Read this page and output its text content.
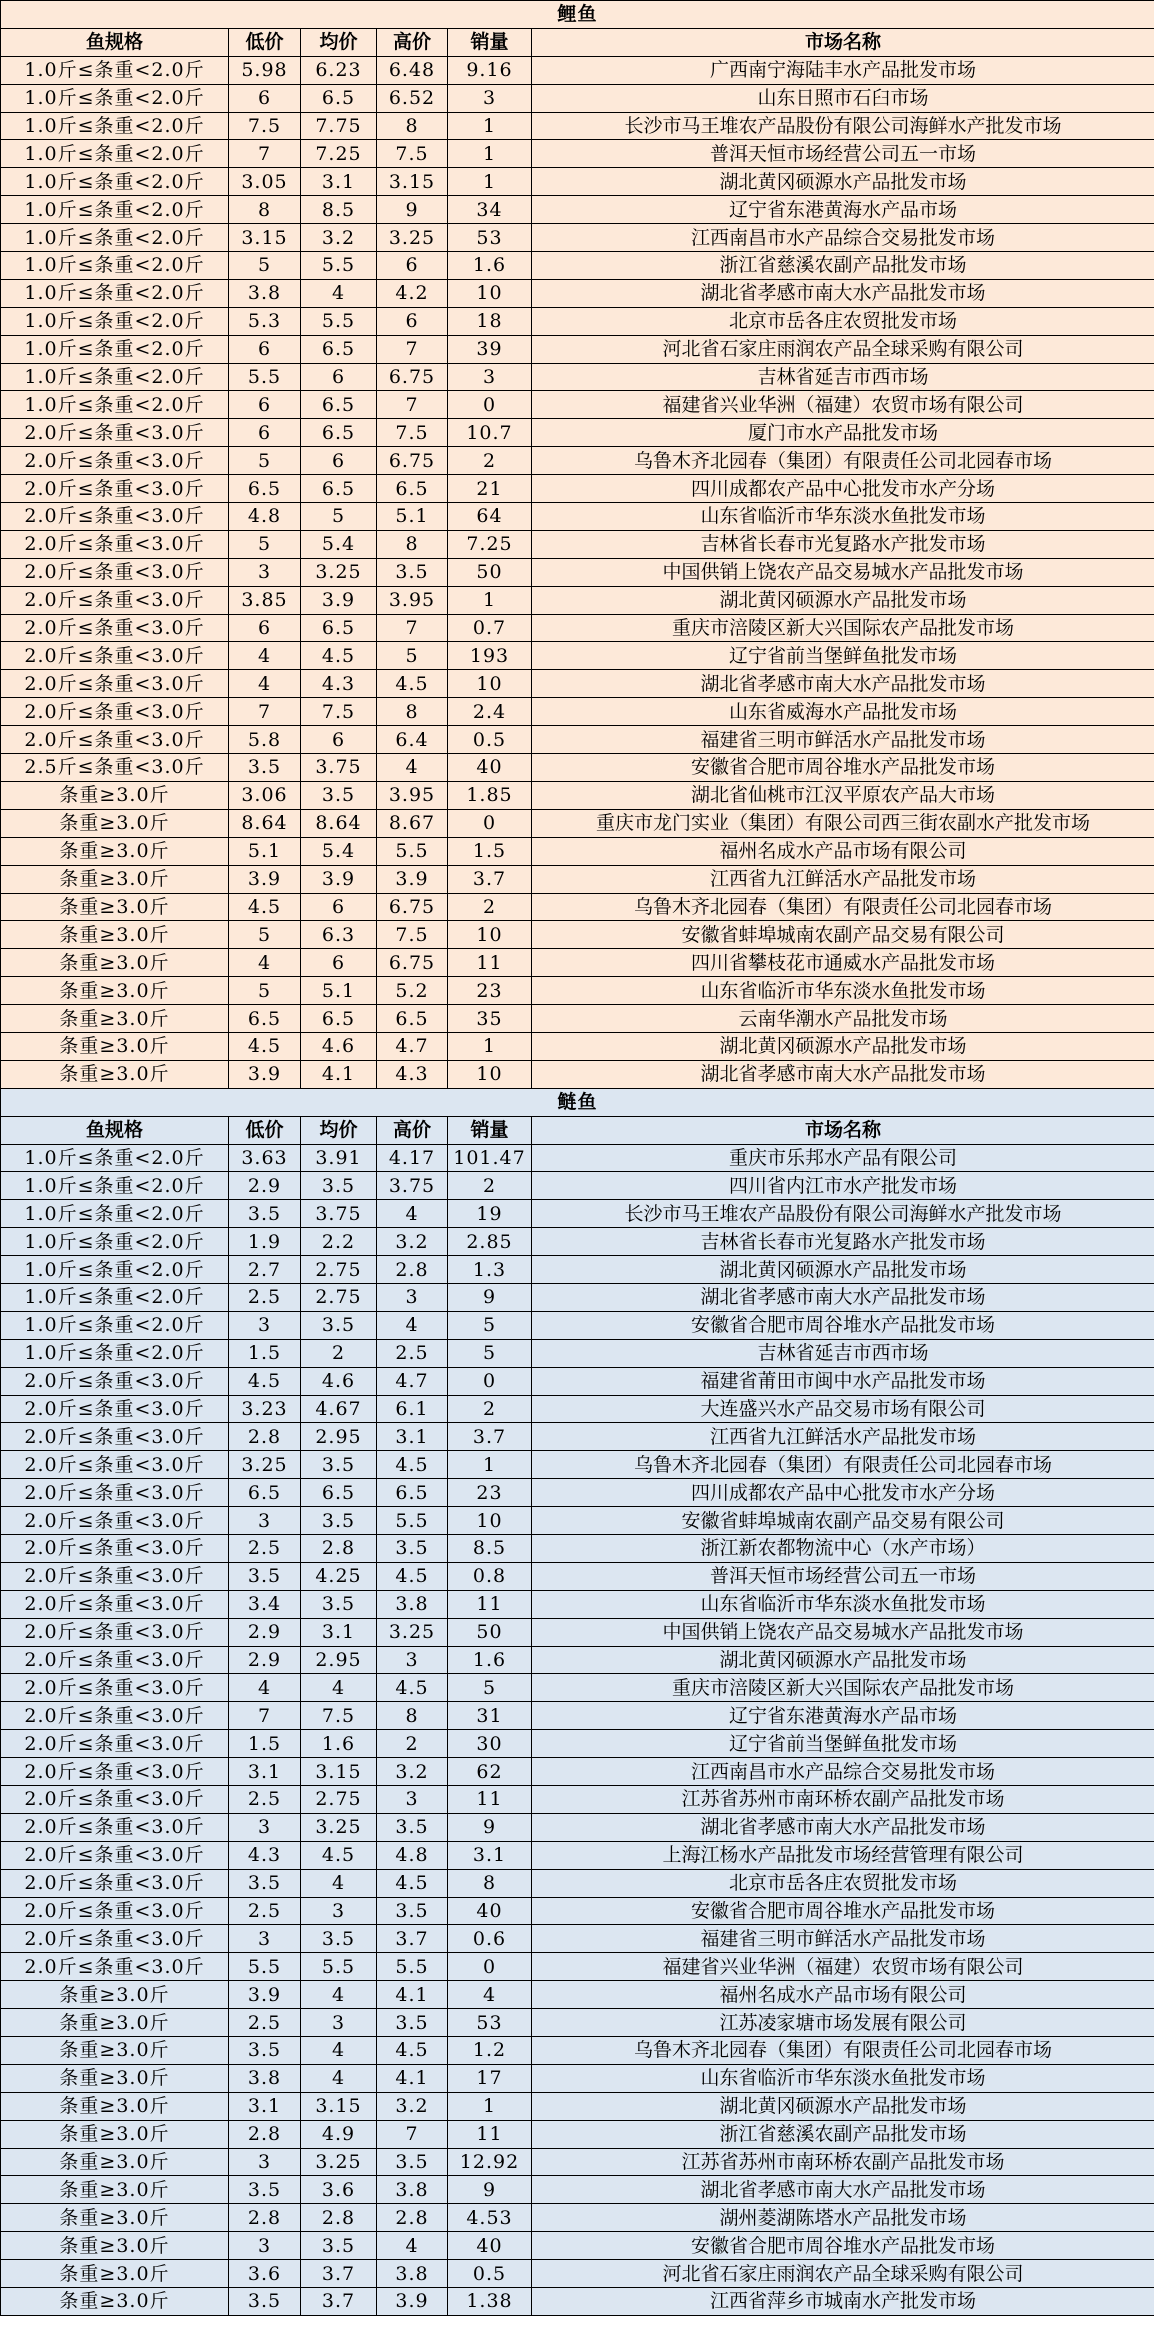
鲤鱼					
鱼规格	低价	均价	高价	销量	市场名称
1.0斤≤条重<2.0斤	5.98	6.23	6.48	9.16	广西南宁海陆丰水产品批发市场
1.0斤≤条重<2.0斤	6	6.5	6.52	3	山东日照市石臼市场
1.0斤≤条重<2.0斤	7.5	7.75	8	1	长沙市马王堆农产品股份有限公司海鲜水产批发市场
1.0斤≤条重<2.0斤	7	7.25	7.5	1	普洱天恒市场经营公司五一市场
1.0斤≤条重<2.0斤	3.05	3.1	3.15	1	湖北黄冈硕源水产品批发市场
1.0斤≤条重<2.0斤	8	8.5	9	34	辽宁省东港黄海水产品市场
1.0斤≤条重<2.0斤	3.15	3.2	3.25	53	江西南昌市水产品综合交易批发市场
1.0斤≤条重<2.0斤	5	5.5	6	1.6	浙江省慈溪农副产品批发市场
1.0斤≤条重<2.0斤	3.8	4	4.2	10	湖北省孝感市南大水产品批发市场
1.0斤≤条重<2.0斤	5.3	5.5	6	18	北京市岳各庄农贸批发市场
1.0斤≤条重<2.0斤	6	6.5	7	39	河北省石家庄雨润农产品全球采购有限公司
1.0斤≤条重<2.0斤	5.5	6	6.75	3	吉林省延吉市西市场
1.0斤≤条重<2.0斤	6	6.5	7	0	福建省兴业华洲（福建）农贸市场有限公司
2.0斤≤条重<3.0斤	6	6.5	7.5	10.7	厦门市水产品批发市场
2.0斤≤条重<3.0斤	5	6	6.75	2	乌鲁木齐北园春（集团）有限责任公司北园春市场
2.0斤≤条重<3.0斤	6.5	6.5	6.5	21	四川成都农产品中心批发市水产分场
2.0斤≤条重<3.0斤	4.8	5	5.1	64	山东省临沂市华东淡水鱼批发市场
2.0斤≤条重<3.0斤	5	5.4	8	7.25	吉林省长春市光复路水产批发市场
2.0斤≤条重<3.0斤	3	3.25	3.5	50	中国供销上饶农产品交易城水产品批发市场
2.0斤≤条重<3.0斤	3.85	3.9	3.95	1	湖北黄冈硕源水产品批发市场
2.0斤≤条重<3.0斤	6	6.5	7	0.7	重庆市涪陵区新大兴国际农产品批发市场
2.0斤≤条重<3.0斤	4	4.5	5	193	辽宁省前当堡鲜鱼批发市场
2.0斤≤条重<3.0斤	4	4.3	4.5	10	湖北省孝感市南大水产品批发市场
2.0斤≤条重<3.0斤	7	7.5	8	2.4	山东省威海水产品批发市场
2.0斤≤条重<3.0斤	5.8	6	6.4	0.5	福建省三明市鲜活水产品批发市场
2.5斤≤条重<3.0斤	3.5	3.75	4	40	安徽省合肥市周谷堆水产品批发市场
条重≥3.0斤	3.06	3.5	3.95	1.85	湖北省仙桃市江汉平原农产品大市场
条重≥3.0斤	8.64	8.64	8.67	0	重庆市龙门实业（集团）有限公司西三街农副水产批发市场
条重≥3.0斤	5.1	5.4	5.5	1.5	福州名成水产品市场有限公司
条重≥3.0斤	3.9	3.9	3.9	3.7	江西省九江鲜活水产品批发市场
条重≥3.0斤	4.5	6	6.75	2	乌鲁木齐北园春（集团）有限责任公司北园春市场
条重≥3.0斤	5	6.3	7.5	10	安徽省蚌埠城南农副产品交易有限公司
条重≥3.0斤	4	6	6.75	11	四川省攀枝花市通威水产品批发市场
条重≥3.0斤	5	5.1	5.2	23	山东省临沂市华东淡水鱼批发市场
条重≥3.0斤	6.5	6.5	6.5	35	云南华潮水产品批发市场
条重≥3.0斤	4.5	4.6	4.7	1	湖北黄冈硕源水产品批发市场
条重≥3.0斤	3.9	4.1	4.3	10	湖北省孝感市南大水产品批发市场
鲢鱼					
鱼规格	低价	均价	高价	销量	市场名称
1.0斤≤条重<2.0斤	3.63	3.91	4.17	101.47	重庆市乐邦水产品有限公司
1.0斤≤条重<2.0斤	2.9	3.5	3.75	2	四川省内江市水产批发市场
1.0斤≤条重<2.0斤	3.5	3.75	4	19	长沙市马王堆农产品股份有限公司海鲜水产批发市场
1.0斤≤条重<2.0斤	1.9	2.2	3.2	2.85	吉林省长春市光复路水产批发市场
1.0斤≤条重<2.0斤	2.7	2.75	2.8	1.3	湖北黄冈硕源水产品批发市场
1.0斤≤条重<2.0斤	2.5	2.75	3	9	湖北省孝感市南大水产品批发市场
1.0斤≤条重<2.0斤	3	3.5	4	5	安徽省合肥市周谷堆水产品批发市场
1.0斤≤条重<2.0斤	1.5	2	2.5	5	吉林省延吉市西市场
2.0斤≤条重<3.0斤	4.5	4.6	4.7	0	福建省莆田市闽中水产品批发市场
2.0斤≤条重<3.0斤	3.23	4.67	6.1	2	大连盛兴水产品交易市场有限公司
2.0斤≤条重<3.0斤	2.8	2.95	3.1	3.7	江西省九江鲜活水产品批发市场
2.0斤≤条重<3.0斤	3.25	3.5	4.5	1	乌鲁木齐北园春（集团）有限责任公司北园春市场
2.0斤≤条重<3.0斤	6.5	6.5	6.5	23	四川成都农产品中心批发市水产分场
2.0斤≤条重<3.0斤	3	3.5	5.5	10	安徽省蚌埠城南农副产品交易有限公司
2.0斤≤条重<3.0斤	2.5	2.8	3.5	8.5	浙江新农都物流中心（水产市场）
2.0斤≤条重<3.0斤	3.5	4.25	4.5	0.8	普洱天恒市场经营公司五一市场
2.0斤≤条重<3.0斤	3.4	3.5	3.8	11	山东省临沂市华东淡水鱼批发市场
2.0斤≤条重<3.0斤	2.9	3.1	3.25	50	中国供销上饶农产品交易城水产品批发市场
2.0斤≤条重<3.0斤	2.9	2.95	3	1.6	湖北黄冈硕源水产品批发市场
2.0斤≤条重<3.0斤	4	4	4.5	5	重庆市涪陵区新大兴国际农产品批发市场
2.0斤≤条重<3.0斤	7	7.5	8	31	辽宁省东港黄海水产品市场
2.0斤≤条重<3.0斤	1.5	1.6	2	30	辽宁省前当堡鲜鱼批发市场
2.0斤≤条重<3.0斤	3.1	3.15	3.2	62	江西南昌市水产品综合交易批发市场
2.0斤≤条重<3.0斤	2.5	2.75	3	11	江苏省苏州市南环桥农副产品批发市场
2.0斤≤条重<3.0斤	3	3.25	3.5	9	湖北省孝感市南大水产品批发市场
2.0斤≤条重<3.0斤	4.3	4.5	4.8	3.1	上海江杨水产品批发市场经营管理有限公司
2.0斤≤条重<3.0斤	3.5	4	4.5	8	北京市岳各庄农贸批发市场
2.0斤≤条重<3.0斤	2.5	3	3.5	40	安徽省合肥市周谷堆水产品批发市场
2.0斤≤条重<3.0斤	3	3.5	3.7	0.6	福建省三明市鲜活水产品批发市场
2.0斤≤条重<3.0斤	5.5	5.5	5.5	0	福建省兴业华洲（福建）农贸市场有限公司
条重≥3.0斤	3.9	4	4.1	4	福州名成水产品市场有限公司
条重≥3.0斤	2.5	3	3.5	53	江苏凌家塘市场发展有限公司
条重≥3.0斤	3.5	4	4.5	1.2	乌鲁木齐北园春（集团）有限责任公司北园春市场
条重≥3.0斤	3.8	4	4.1	17	山东省临沂市华东淡水鱼批发市场
条重≥3.0斤	3.1	3.15	3.2	1	湖北黄冈硕源水产品批发市场
条重≥3.0斤	2.8	4.9	7	11	浙江省慈溪农副产品批发市场
条重≥3.0斤	3	3.25	3.5	12.92	江苏省苏州市南环桥农副产品批发市场
条重≥3.0斤	3.5	3.6	3.8	9	湖北省孝感市南大水产品批发市场
条重≥3.0斤	2.8	2.8	2.8	4.53	湖州菱湖陈塔水产品批发市场
条重≥3.0斤	3	3.5	4	40	安徽省合肥市周谷堆水产品批发市场
条重≥3.0斤	3.6	3.7	3.8	0.5	河北省石家庄雨润农产品全球采购有限公司
条重≥3.0斤	3.5	3.7	3.9	1.38	江西省萍乡市城南水产批发市场
